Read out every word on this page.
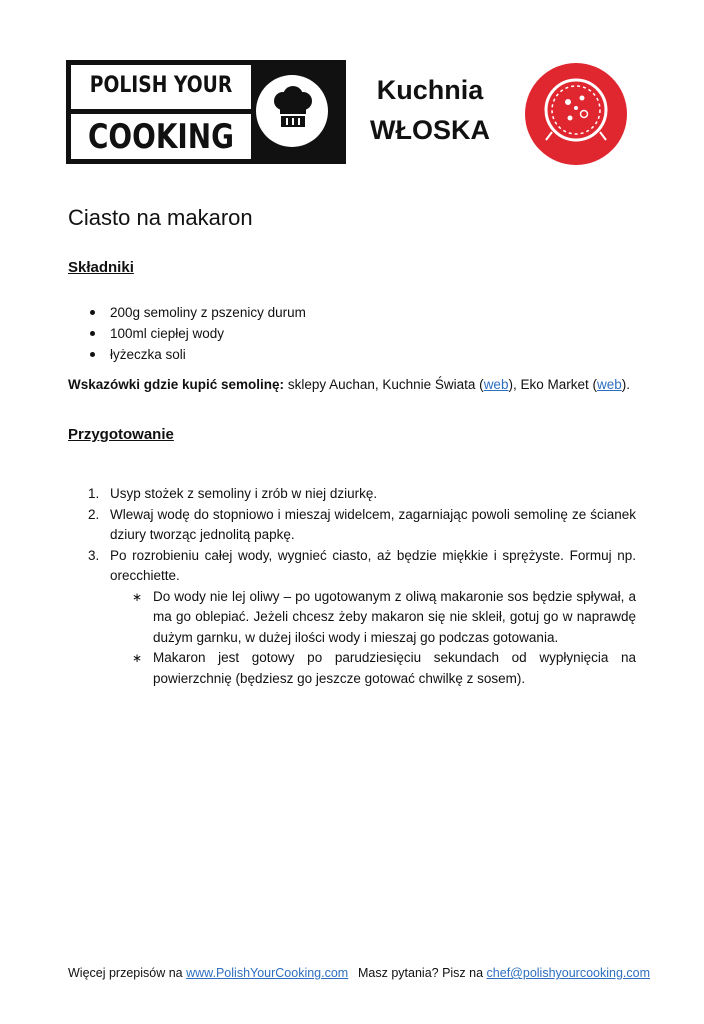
POLISH YOUR
COOKING
Kuchnia
WŁOSKA
Ciasto na makaron
Składniki
200g semoliny z pszenicy durum
100ml ciepłej wody
łyżeczka soli
Wskazówki gdzie kupić semolinę: sklepy Auchan, Kuchnie Świata (web), Eko Market (web).
Przygotowanie
1. Usyp stożek z semoliny i zrób w niej dziurkę.
2. Wlewaj wodę do stopniowo i mieszaj widelcem, zagarniając powoli semolinę ze ścianek dziury tworząc jednolitą papkę.
3. Po rozrobieniu całej wody, wygnieć ciasto, aż będzie miękkie i sprężyste. Formuj np. orecchiette.
∗ Do wody nie lej oliwy – po ugotowanym z oliwą makaronie sos będzie spływał, a ma go oblepiać. Jeżeli chcesz żeby makaron się nie skleił, gotuj go w naprawdę dużym garnku, w dużej ilości wody i mieszaj go podczas gotowania.
∗ Makaron jest gotowy po parudziesięciu sekundach od wypłynięcia na powierzchnię (będziesz go jeszcze gotować chwilkę z sosem).
Więcej przepisów na www.PolishYourCooking.com Masz pytania? Pisz na chef@polishyourcooking.com
